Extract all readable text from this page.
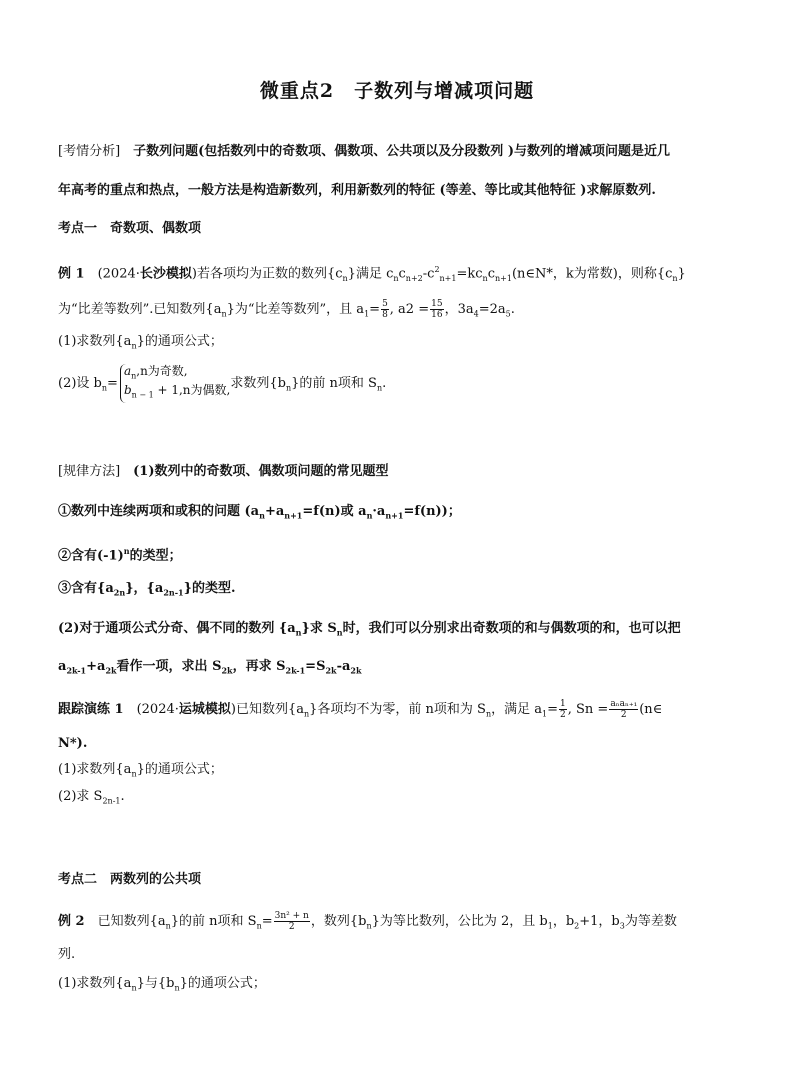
微重点2　子数列与增减项问题
[考情分析]　子数列问题(包括数列中的奇数项、偶数项、公共项以及分段数列 )与数列的增减项问题是近几
年高考的重点和热点，一般方法是构造新数列，利用新数列的特征 (等差、等比或其他特征 )求解原数列.
考点一　奇数项、偶数项
例 1　(2024·长沙模拟)若各项均为正数的数列$\{c_n\}$满足 $c_nc_{n+2}-c^2_{n+1}=kc_nc_{n+1}(n\in N*$，k为常数)，则称$\{c_n\}$
为“比差等数列”.已知数列$\{a_n\}$为“比差等数列”，且 $a_1= \frac{5}{8}$ , $a2 = \frac{15}{16}$ ，$3a_4=2a_5$.
(1)求数列$\{a_n\}$的通项公式；
(2)设 $b_n=$
$a_n,n$为奇数,
$b_{n - 1} + 1,n$为偶数, 求数列$\{b_n\}$的前 n项和 $S_n$.
[规律方法]　(1)数列中的奇数项、偶数项问题的常见题型
①数列中连续两项和或积的问题 ($a_n+a_{n+1}=f(n)$或 $a_n\cdot a_{n+1}=f(n)$)；
②含有$(-1)^n$的类型；
③含有$\{a_{2n}\}$，$\{a_{2n-1}\}$的类型.
(2)对于通项公式分奇、偶不同的数列 $\{a_n\}$求 $S_n$时，我们可以分别求出奇数项的和与偶数项的和，也可以把
$a_{2k-1}+a_{2k}$看作一项，求出 $S_{2k}$，再求 $S_{2k-1}=S_{2k}-a_{2k}$
跟踪演练 1　(2024·运城模拟)已知数列$\{a_n\}$各项均不为零，前 n项和为 $S_n$，满足 $a_1= \frac{1}{2}$ , $Sn = \frac{\text{aₙaₙ₊₁}}{2}$ (n∈
N*).
(1)求数列$\{a_n\}$的通项公式；
(2)求 $S_{2n-1}$.
考点二　两数列的公共项
例 2　已知数列$\{a_n\}$的前 n项和 $S_n= \frac{\text{3n² + n}}{2}$ ，数列$\{b_n\}$为等比数列，公比为 2，且 $b_1$，$b_2+1$，$b_3$为等差数
列.
(1)求数列$\{a_n\}$与$\{b_n\}$的通项公式；
